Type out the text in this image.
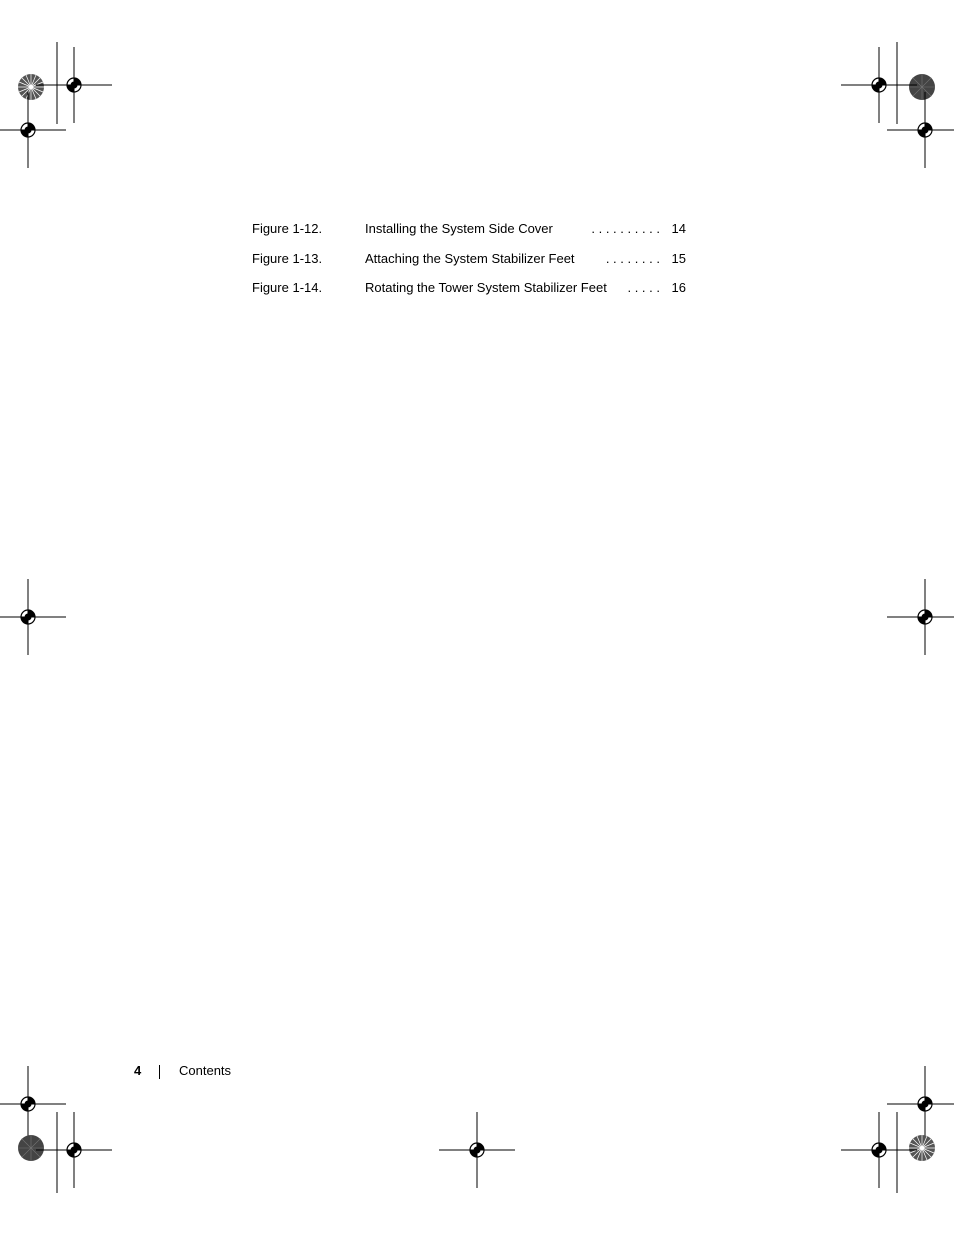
Figure 1-12.	Installing the System Side Cover	. . . . . . . . . . 14
Figure 1-13.	Attaching the System Stabilizer Feet . . . . . . . . 15
Figure 1-14.	Rotating the Tower System Stabilizer Feet . . . . . 16
4	Contents
